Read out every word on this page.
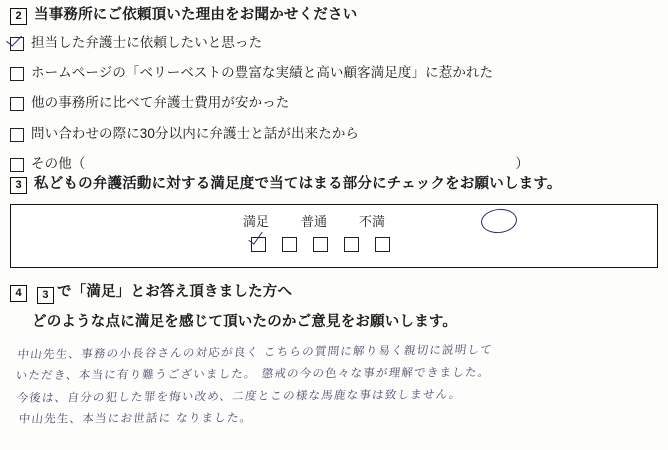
2 当事務所にご依頼頂いた理由をお聞かせください
担当した弁護士に依頼したいと思った
ホームページの「ベリーベストの豊富な実績と高い顧客満足度」に惹かれた
他の事務所に比べて弁護士費用が安かった
問い合わせの際に30分以内に弁護士と話が出来たから
その他（	）
3 私どもの弁護活動に対する満足度で当てはまる部分にチェックをお願いします。
満足 普通 不満
4	3 で「満足」とお答え頂きました方へ
どのような点に満足を感じて頂いたのかご意見をお願いします。
中山先生、事務の小長谷さんの対応が良く こちらの質問に解り易く親切に説明して
いただき、本当に有り難うございました。 懲戒の今の色々な事が理解できました。
今後は、自分の犯した罪を悔い改め、二度とこの様な馬鹿な事は致しません。
中山先生、本当にお世話に なりました。
